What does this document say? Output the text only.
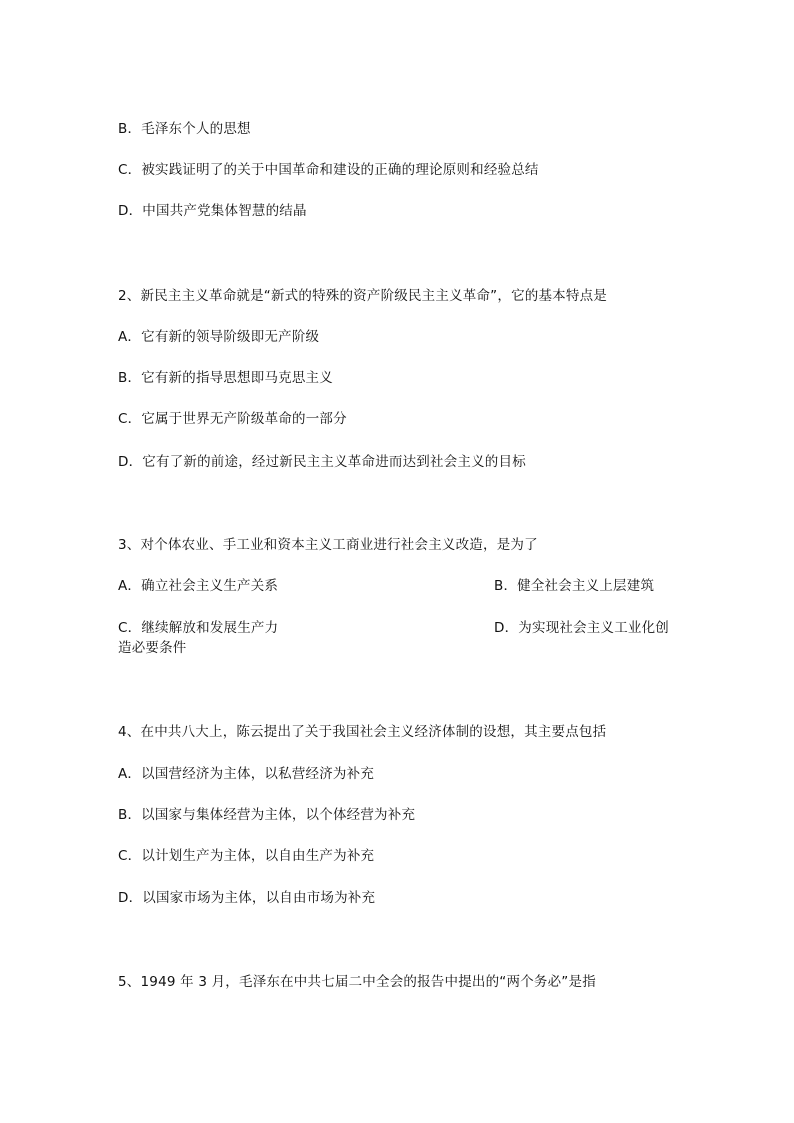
B．毛泽东个人的思想
C．被实践证明了的关于中国革命和建设的正确的理论原则和经验总结
D．中国共产党集体智慧的结晶
2、新民主主义革命就是“新式的特殊的资产阶级民主主义革命”，它的基本特点是
A．它有新的领导阶级即无产阶级
B．它有新的指导思想即马克思主义
C．它属于世界无产阶级革命的一部分
D．它有了新的前途，经过新民主主义革命进而达到社会主义的目标
3、对个体农业、手工业和资本主义工商业进行社会主义改造，是为了
A．确立社会主义生产关系	B．健全社会主义上层建筑
C．继续解放和发展生产力	D．为实现社会主义工业化创
造必要条件
4、在中共八大上，陈云提出了关于我国社会主义经济体制的设想，其主要点包括
A．以国营经济为主体，以私营经济为补充
B．以国家与集体经营为主体，以个体经营为补充
C．以计划生产为主体，以自由生产为补充
D．以国家市场为主体，以自由市场为补充
5、1949 年 3 月，毛泽东在中共七届二中全会的报告中提出的“两个务必”是指
